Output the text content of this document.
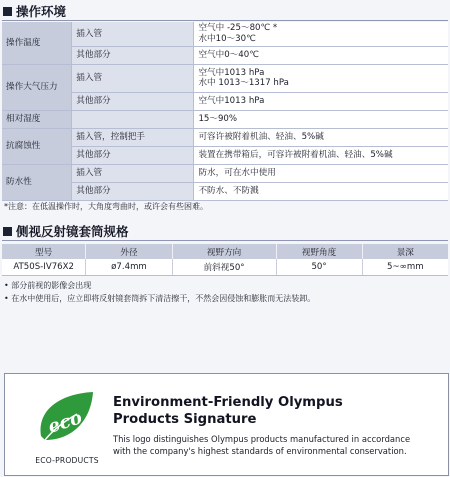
操作环境
操作温度	插入管	空气中 -25～80℃ *
水中10～30℃

	其他部分	空气中0～40℃
操作大气压力	插入管	空气中1013 hPa
水中 1013～1317 hPa

	其他部分	空气中1013 hPa
相对湿度		15～90%
抗腐蚀性	插入管，控制把手	可容许被附着机油、轻油、5%碱
	其他部分	装置在携带箱后，可容许被附着机油、轻油、5%碱
防水性	插入管	防水，可在水中使用
	其他部分	不防水、不防溅
*注意：在低温操作时，大角度弯曲时，或许会有些困难。
侧视反射镜套筒规格
型号	外径	视野方向	视野角度	景深
AT50S-IV76X2	ø7.4mm	前斜视50°	50°	5~∞mm
• 部分前视的影像会出现
• 在水中使用后，应立即将反射镜套筒拆下清洁擦干，不然会因侵蚀和膨胀而无法装卸。
eco
ECO-PRODUCTS
Environment-Friendly Olympus
Products Signature
This logo distinguishes Olympus products manufactured in accordance
with the company's highest standards of environmental conservation.
